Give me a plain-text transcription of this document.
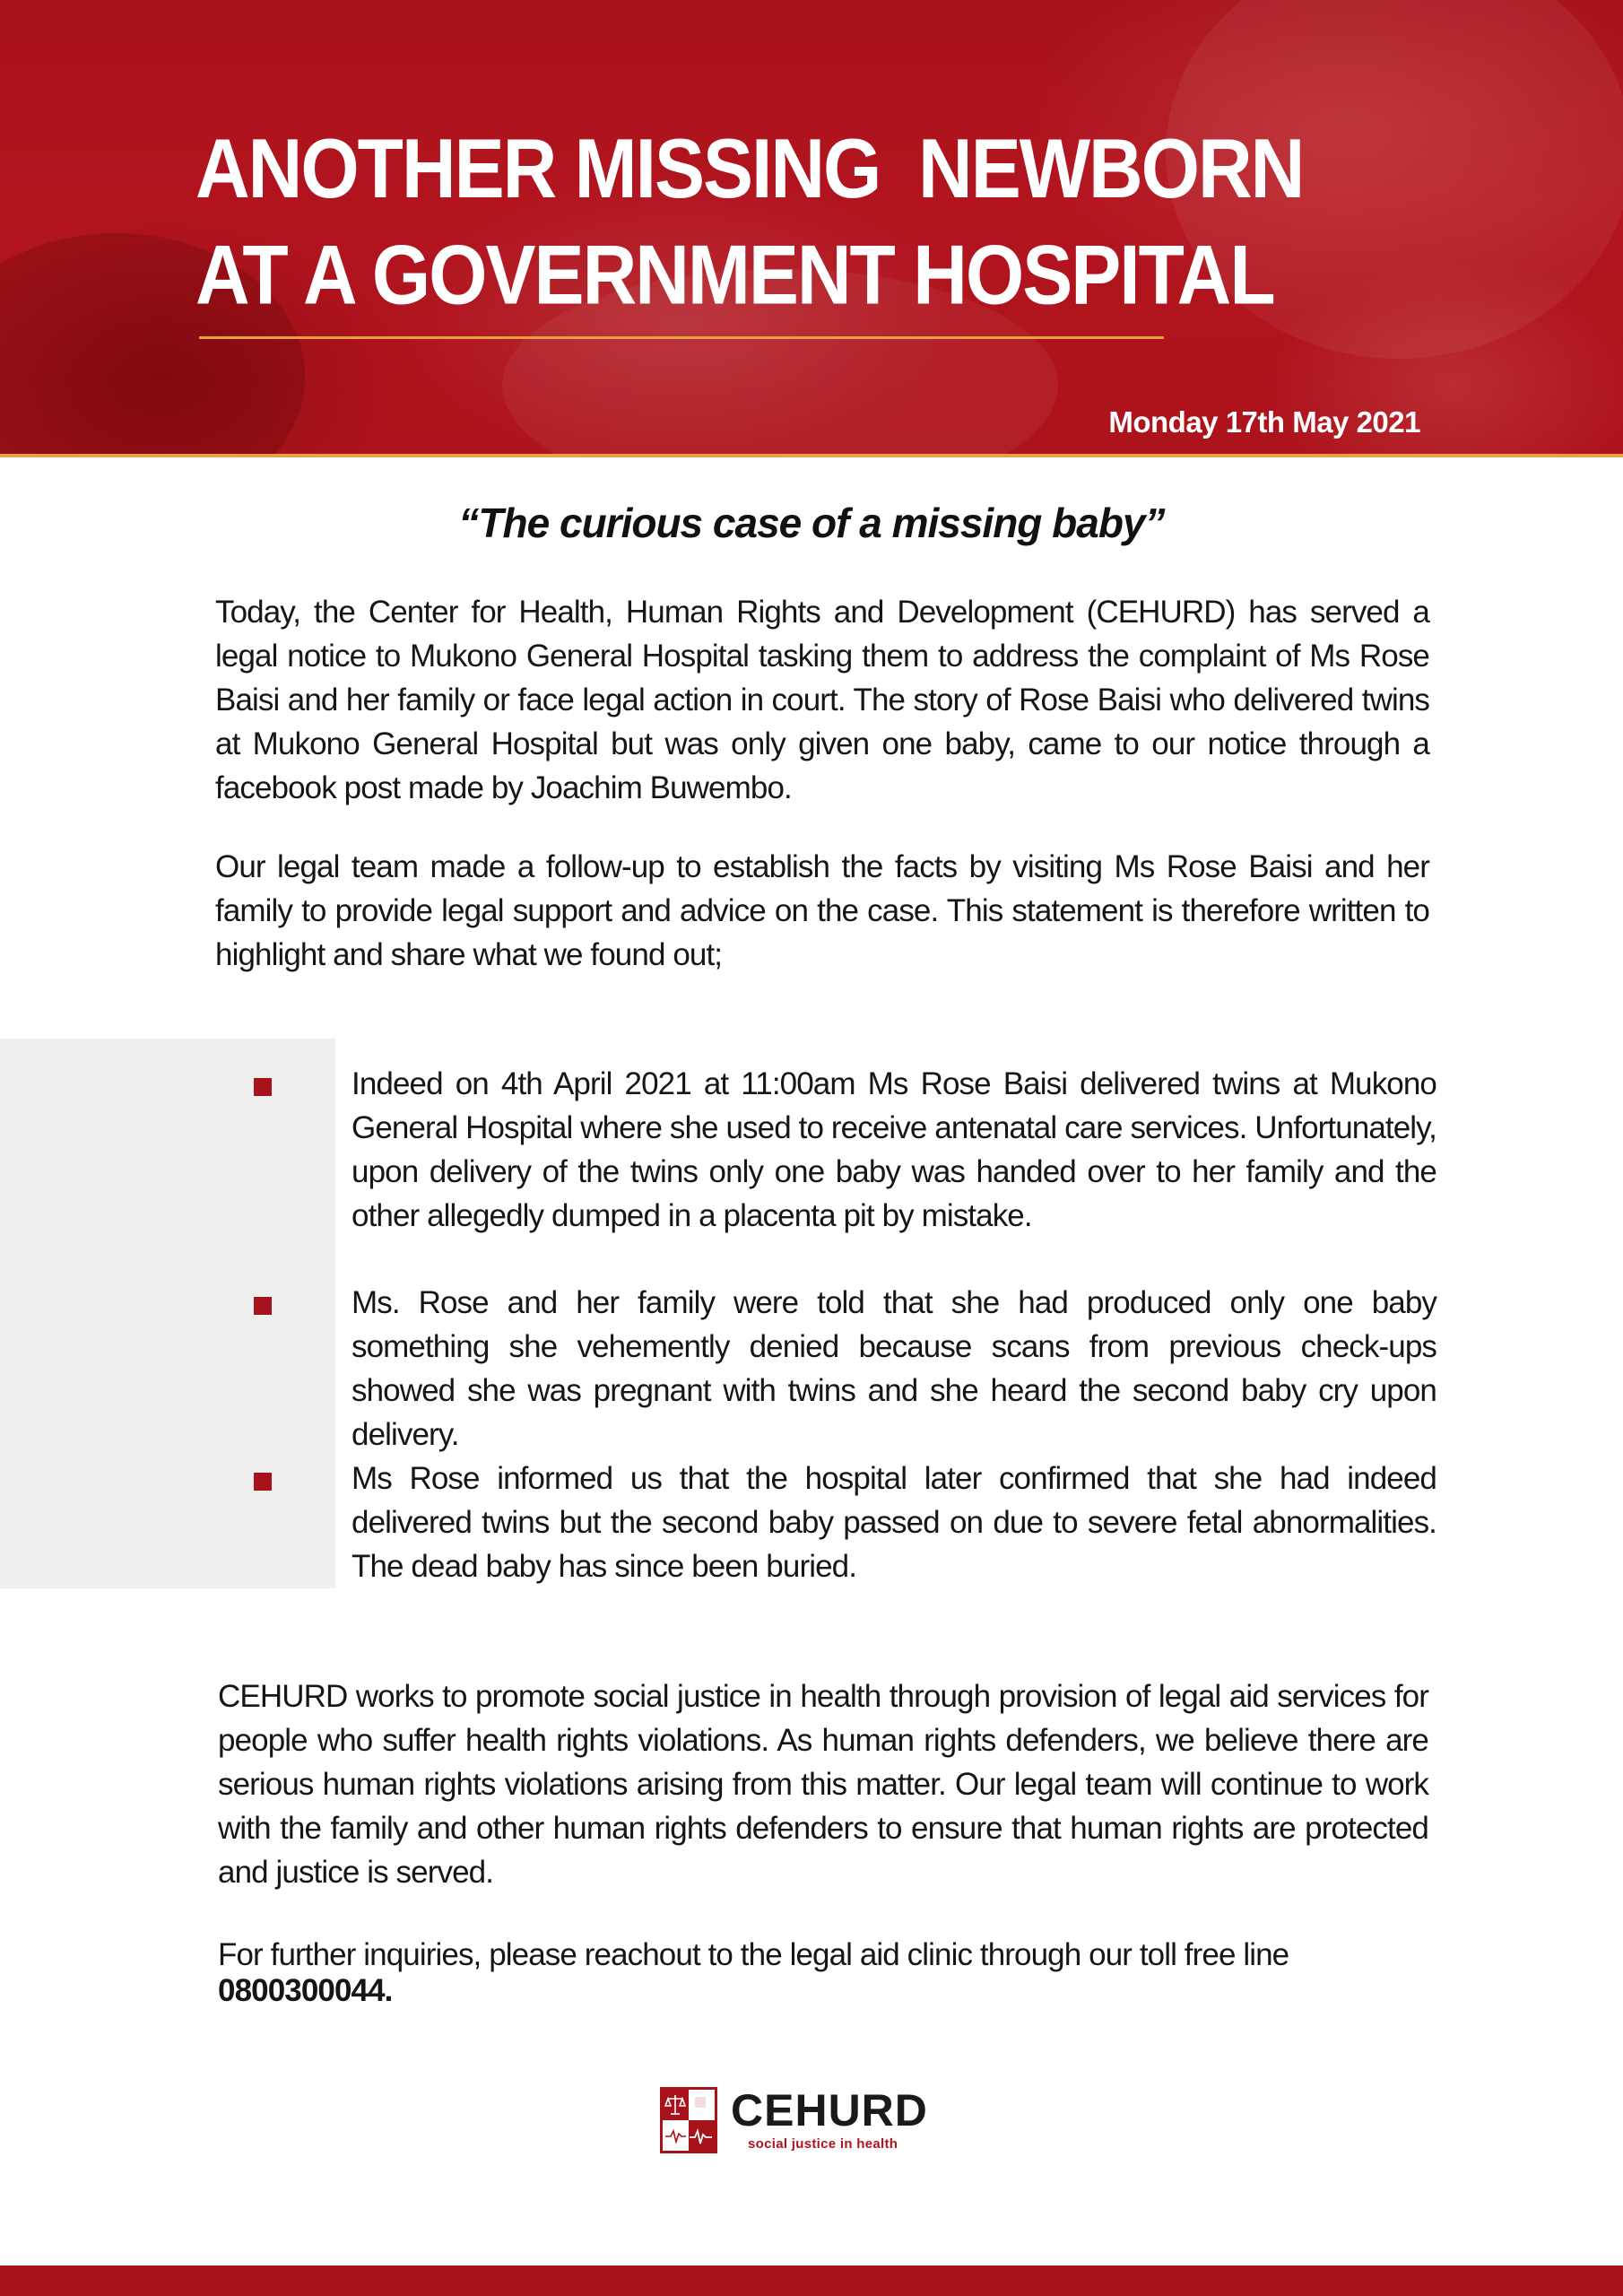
ANOTHER MISSING  NEWBORN
AT A GOVERNMENT HOSPITAL
Monday 17th May 2021
“The curious case of a missing baby”

Today, the Center for Health, Human Rights and Development (CEHURD) has served a legal notice to Mukono General Hospital tasking them to address the complaint of Ms Rose Baisi and her family or face legal action in court. The story of Rose Baisi who delivered twins at Mukono General Hospital but was only given one baby, came to our notice through a facebook post made by Joachim Buwembo.

Our legal team made a follow-up to establish the facts by visiting Ms Rose Baisi and her family to provide legal support and advice on the case. This statement is therefore written to highlight and share what we found out;

Indeed on 4th April 2021 at 11:00am Ms Rose Baisi delivered twins at Mukono General Hospital where she used to receive antenatal care services. Unfortunately, upon delivery of the twins only one baby was handed over to her family and the other allegedly dumped in a placenta pit by mistake.

Ms. Rose and her family were told that she had produced only one baby something she vehemently denied because scans from previous check-ups showed she was pregnant with twins and she heard the second baby cry upon delivery.

Ms Rose informed us that the hospital later confirmed that she had indeed delivered twins but the second baby passed on due to severe fetal abnormalities. The dead baby has since been buried.

CEHURD works to promote social justice in health through provision of legal aid services for people who suffer health rights violations. As human rights defenders, we believe there are serious human rights violations arising from this matter. Our legal team will continue to work with the family and other human rights defenders to ensure that human rights are protected and justice is served.

For further inquiries, please reachout to the legal aid clinic through our toll free line
0800300044.

CEHURD
social justice in health
